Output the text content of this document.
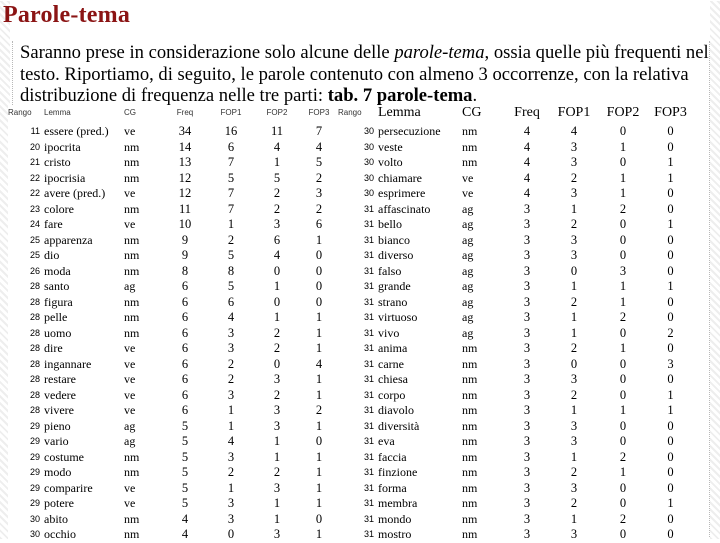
Parole-tema
Saranno prese in considerazione solo alcune delle parole-tema, ossia quelle più frequenti nel testo. Riportiamo, di seguito, le parole contenuto con almeno 3 occorrenze, con la relativa distribuzione di frequenza nelle tre parti: tab. 7 parole-tema.
Rango	Lemma	CG	Freq	FOP1	FOP2	FOP3
11	essere (pred.)	ve	34	16	11	7
20	ipocrita	nm	14	6	4	4
21	cristo	nm	13	7	1	5
22	ipocrisia	nm	12	5	5	2
22	avere (pred.)	ve	12	7	2	3
23	colore	nm	11	7	2	2
24	fare	ve	10	1	3	6
25	apparenza	nm	9	2	6	1
25	dio	nm	9	5	4	0
26	moda	nm	8	8	0	0
28	santo	ag	6	5	1	0
28	figura	nm	6	6	0	0
28	pelle	nm	6	4	1	1
28	uomo	nm	6	3	2	1
28	dire	ve	6	3	2	1
28	ingannare	ve	6	2	0	4
28	restare	ve	6	2	3	1
28	vedere	ve	6	3	2	1
28	vivere	ve	6	1	3	2
29	pieno	ag	5	1	3	1
29	vario	ag	5	4	1	0
29	costume	nm	5	3	1	1
29	modo	nm	5	2	2	1
29	comparire	ve	5	1	3	1
29	potere	ve	5	3	1	1
30	abito	nm	4	3	1	0
30	occhio	nm	4	0	3	1
Rango	Lemma	CG	Freq	FOP1	FOP2	FOP3
30	persecuzione	nm	4	4	0	0
30	veste	nm	4	3	1	0
30	volto	nm	4	3	0	1
30	chiamare	ve	4	2	1	1
30	esprimere	ve	4	3	1	0
31	affascinato	ag	3	1	2	0
31	bello	ag	3	2	0	1
31	bianco	ag	3	3	0	0
31	diverso	ag	3	3	0	0
31	falso	ag	3	0	3	0
31	grande	ag	3	1	1	1
31	strano	ag	3	2	1	0
31	virtuoso	ag	3	1	2	0
31	vivo	ag	3	1	0	2
31	anima	nm	3	2	1	0
31	carne	nm	3	0	0	3
31	chiesa	nm	3	3	0	0
31	corpo	nm	3	2	0	1
31	diavolo	nm	3	1	1	1
31	diversità	nm	3	3	0	0
31	eva	nm	3	3	0	0
31	faccia	nm	3	1	2	0
31	finzione	nm	3	2	1	0
31	forma	nm	3	3	0	0
31	membra	nm	3	2	0	1
31	mondo	nm	3	1	2	0
31	mostro	nm	3	3	0	0
